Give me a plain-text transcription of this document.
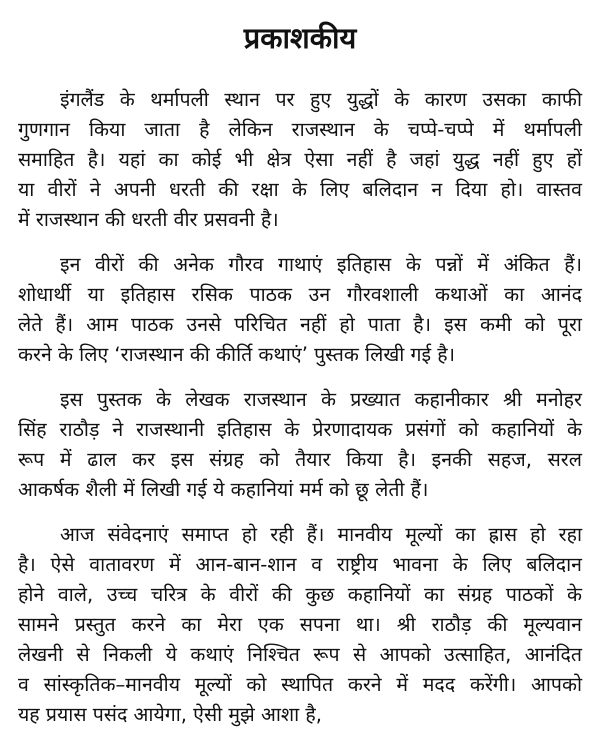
प्रकाशकीय
इंगलैंड के थर्मापली स्थान पर हुए युद्धों के कारण उसका काफी
गुणगान किया जाता है लेकिन राजस्थान के चप्पे-चप्पे में थर्मापली
समाहित है। यहां का कोई भी क्षेत्र ऐसा नहीं है जहां युद्ध नहीं हुए हों
या वीरों ने अपनी धरती की रक्षा के लिए बलिदान न दिया हो। वास्तव
में राजस्थान की धरती वीर प्रसवनी है।
इन वीरों की अनेक गौरव गाथाएं इतिहास के पन्नों में अंकित हैं।
शोधार्थी या इतिहास रसिक पाठक उन गौरवशाली कथाओं का आनंद
लेते हैं। आम पाठक उनसे परिचित नहीं हो पाता है। इस कमी को पूरा
करने के लिए ‘राजस्थान की कीर्ति कथाएं’ पुस्तक लिखी गई है।
इस पुस्तक के लेखक राजस्थान के प्रख्यात कहानीकार श्री मनोहर
सिंह राठौड़ ने राजस्थानी इतिहास के प्रेरणादायक प्रसंगों को कहानियों के
रूप में ढाल कर इस संग्रह को तैयार किया है। इनकी सहज, सरल
आकर्षक शैली में लिखी गई ये कहानियां मर्म को छू लेती हैं।
आज संवेदनाएं समाप्त हो रही हैं। मानवीय मूल्यों का ह्रास हो रहा
है। ऐसे वातावरण में आन-बान-शान व राष्ट्रीय भावना के लिए बलिदान
होने वाले, उच्च चरित्र के वीरों की कुछ कहानियों का संग्रह पाठकों के
सामने प्रस्तुत करने का मेरा एक सपना था। श्री राठौड़ की मूल्यवान
लेखनी से निकली ये कथाएं निश्चित रूप से आपको उत्साहित, आनंदित
व सांस्कृतिक–मानवीय मूल्यों को स्थापित करने में मदद करेंगी। आपको
यह प्रयास पसंद आयेगा, ऐसी मुझे आशा है,
